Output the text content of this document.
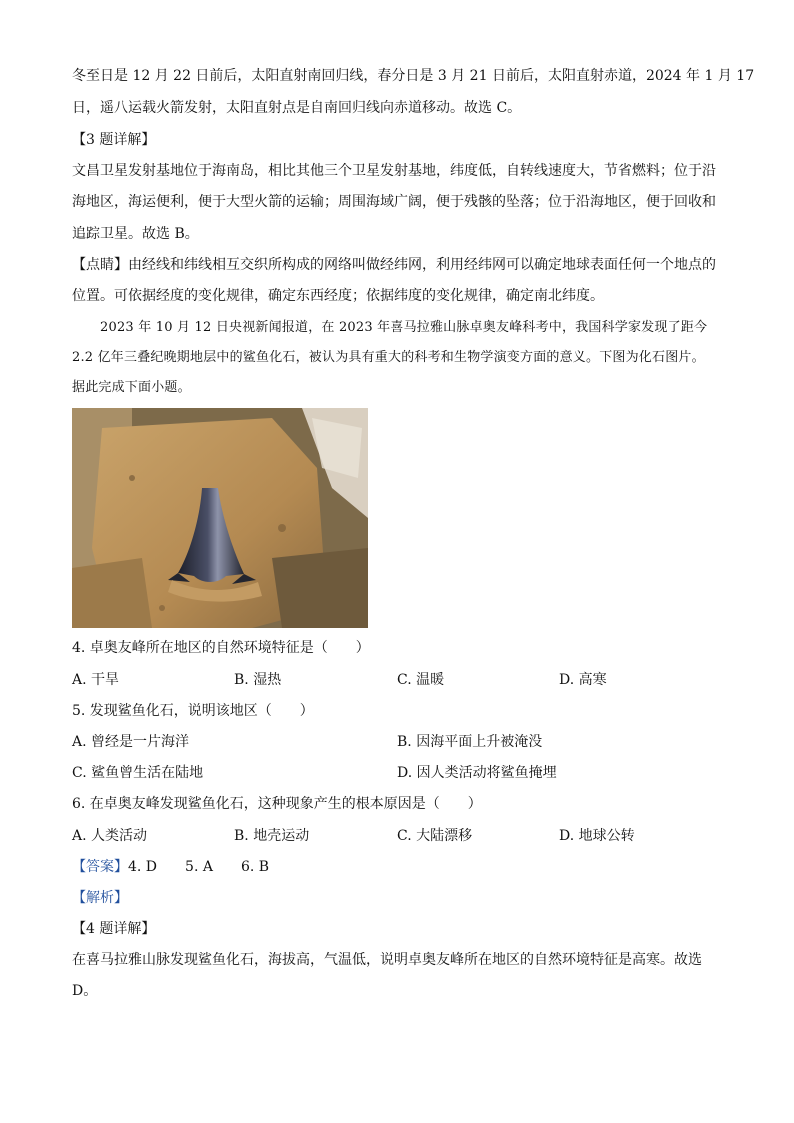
冬至日是 12 月 22 日前后，太阳直射南回归线，春分日是 3 月 21 日前后，太阳直射赤道，2024 年 1 月 17
日，遥八运载火箭发射，太阳直射点是自南回归线向赤道移动。故选 C。
【3 题详解】
文昌卫星发射基地位于海南岛，相比其他三个卫星发射基地，纬度低，自转线速度大，节省燃料；位于沿
海地区，海运便利，便于大型火箭的运输；周围海域广阔，便于残骸的坠落；位于沿海地区，便于回收和
追踪卫星。故选 B。
【点睛】由经线和纬线相互交织所构成的网络叫做经纬网，利用经纬网可以确定地球表面任何一个地点的
位置。可依据经度的变化规律，确定东西经度；依据纬度的变化规律，确定南北纬度。
2023 年 10 月 12 日央视新闻报道，在 2023 年喜马拉雅山脉卓奥友峰科考中，我国科学家发现了距今
2.2 亿年三叠纪晚期地层中的鲨鱼化石，被认为具有重大的科考和生物学演变方面的意义。下图为化石图片。
据此完成下面小题。
4. 卓奥友峰所在地区的自然环境特征是（　　）
A. 干旱	B. 湿热	C. 温暖	D. 高寒
5. 发现鲨鱼化石，说明该地区（　　）
A. 曾经是一片海洋	B. 因海平面上升被淹没
C. 鲨鱼曾生活在陆地	D. 因人类活动将鲨鱼掩埋
6. 在卓奥友峰发现鲨鱼化石，这种现象产生的根本原因是（　　）
A. 人类活动	B. 地壳运动	C. 大陆漂移	D. 地球公转
【答案】4. D　　5. A　　6. B
【解析】
【4 题详解】
在喜马拉雅山脉发现鲨鱼化石，海拔高，气温低，说明卓奥友峰所在地区的自然环境特征是高寒。故选
D。
